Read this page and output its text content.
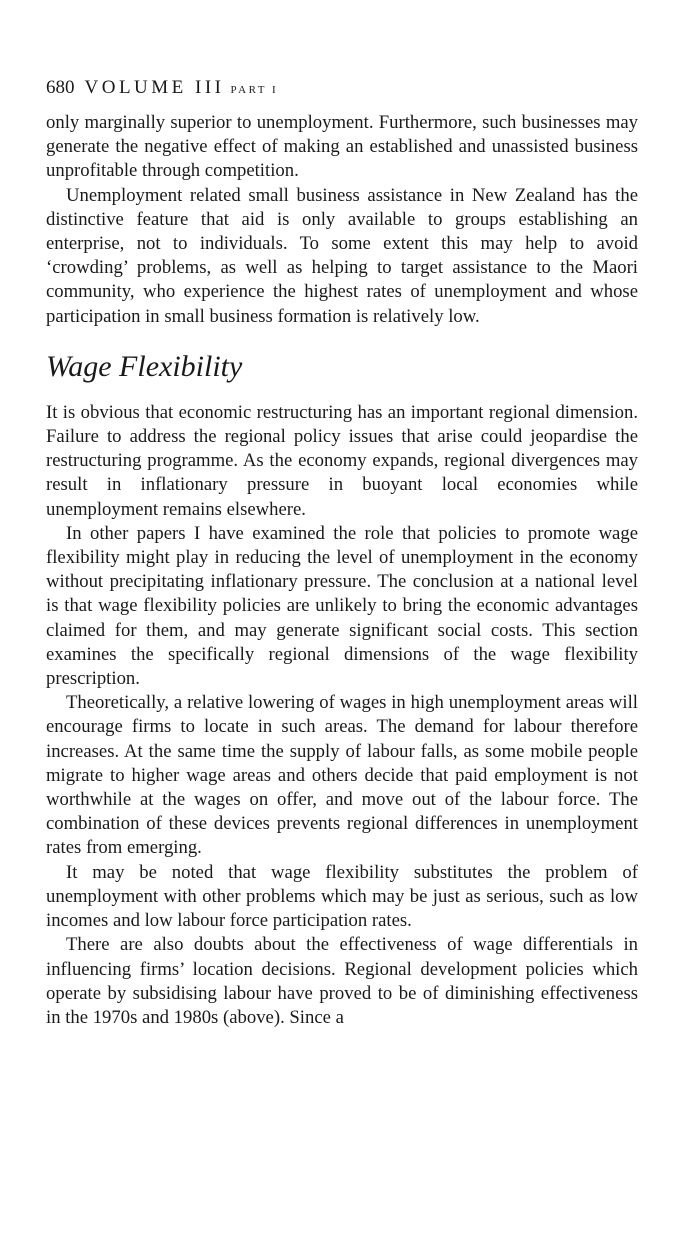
680 VOLUME III PART I

only marginally superior to unemployment. Furthermore, such businesses may generate the negative effect of making an established and unassisted business unprofitable through competition.

Unemployment related small business assistance in New Zealand has the distinctive feature that aid is only available to groups establishing an enterprise, not to individuals. To some extent this may help to avoid ‘crowding’ problems, as well as helping to target assistance to the Maori community, who experience the highest rates of unemployment and whose participation in small business formation is relatively low.

Wage Flexibility

It is obvious that economic restructuring has an important regional dimension. Failure to address the regional policy issues that arise could jeopardise the restructuring programme. As the economy expands, regional divergences may result in inflationary pressure in buoyant local economies while unemployment remains elsewhere.

In other papers I have examined the role that policies to promote wage flexibility might play in reducing the level of unemployment in the economy without precipitating inflationary pressure. The conclusion at a national level is that wage flexibility policies are unlikely to bring the economic advantages claimed for them, and may generate significant social costs. This section examines the specifically regional dimensions of the wage flexibility prescription.

Theoretically, a relative lowering of wages in high unemployment areas will encourage firms to locate in such areas. The demand for labour therefore increases. At the same time the supply of labour falls, as some mobile people migrate to higher wage areas and others decide that paid employment is not worthwhile at the wages on offer, and move out of the labour force. The combination of these devices prevents regional differences in unemployment rates from emerging.

It may be noted that wage flexibility substitutes the problem of unemployment with other problems which may be just as serious, such as low incomes and low labour force participation rates.

There are also doubts about the effectiveness of wage differentials in influencing firms’ location decisions. Regional development policies which operate by subsidising labour have proved to be of diminishing effectiveness in the 1970s and 1980s (above). Since a
